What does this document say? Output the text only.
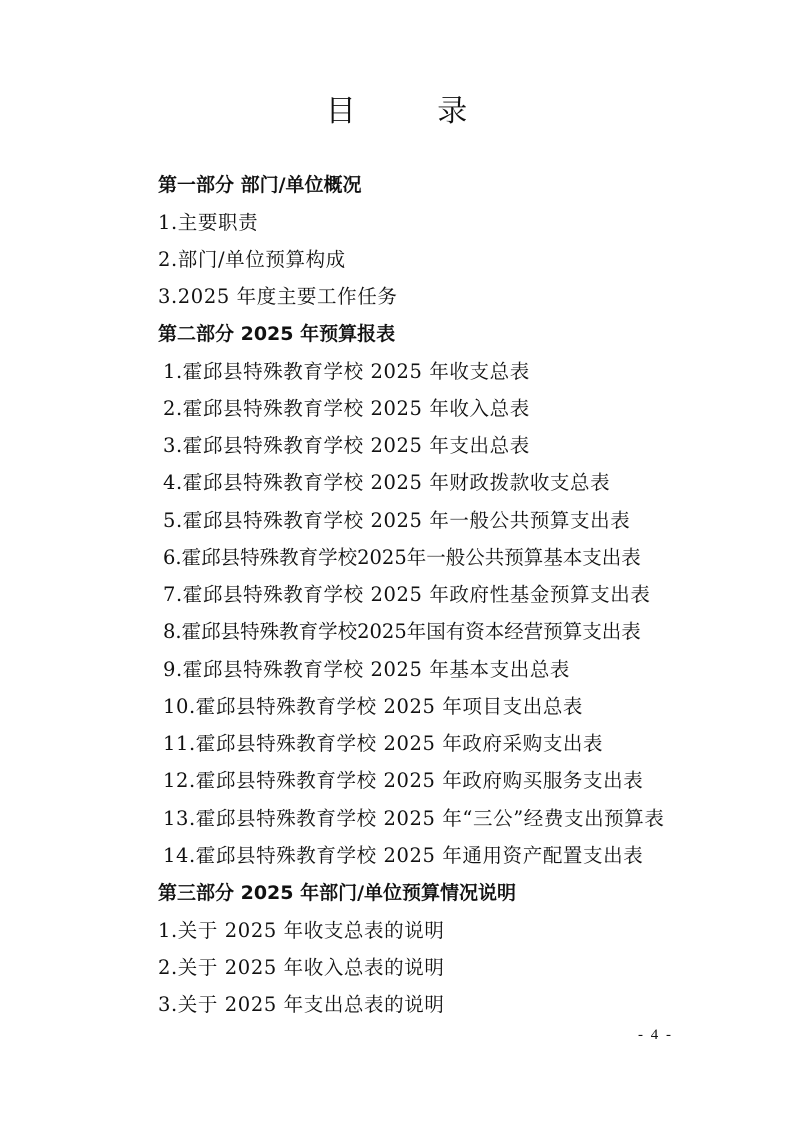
目 录
第一部分 部门/单位概况
1.主要职责
2.部门/单位预算构成
3.2025 年度主要工作任务
第二部分 2025 年预算报表
1.霍邱县特殊教育学校 2025 年收支总表
2.霍邱县特殊教育学校 2025 年收入总表
3.霍邱县特殊教育学校 2025 年支出总表
4.霍邱县特殊教育学校 2025 年财政拨款收支总表
5.霍邱县特殊教育学校 2025 年一般公共预算支出表
6.霍邱县特殊教育学校2025年一般公共预算基本支出表
7.霍邱县特殊教育学校 2025 年政府性基金预算支出表
8.霍邱县特殊教育学校2025年国有资本经营预算支出表
9.霍邱县特殊教育学校 2025 年基本支出总表
10.霍邱县特殊教育学校 2025 年项目支出总表
11.霍邱县特殊教育学校 2025 年政府采购支出表
12.霍邱县特殊教育学校 2025 年政府购买服务支出表
13.霍邱县特殊教育学校 2025 年“三公”经费支出预算表
14.霍邱县特殊教育学校 2025 年通用资产配置支出表
第三部分 2025 年部门/单位预算情况说明
1.关于 2025 年收支总表的说明
2.关于 2025 年收入总表的说明
3.关于 2025 年支出总表的说明
- 4 -
